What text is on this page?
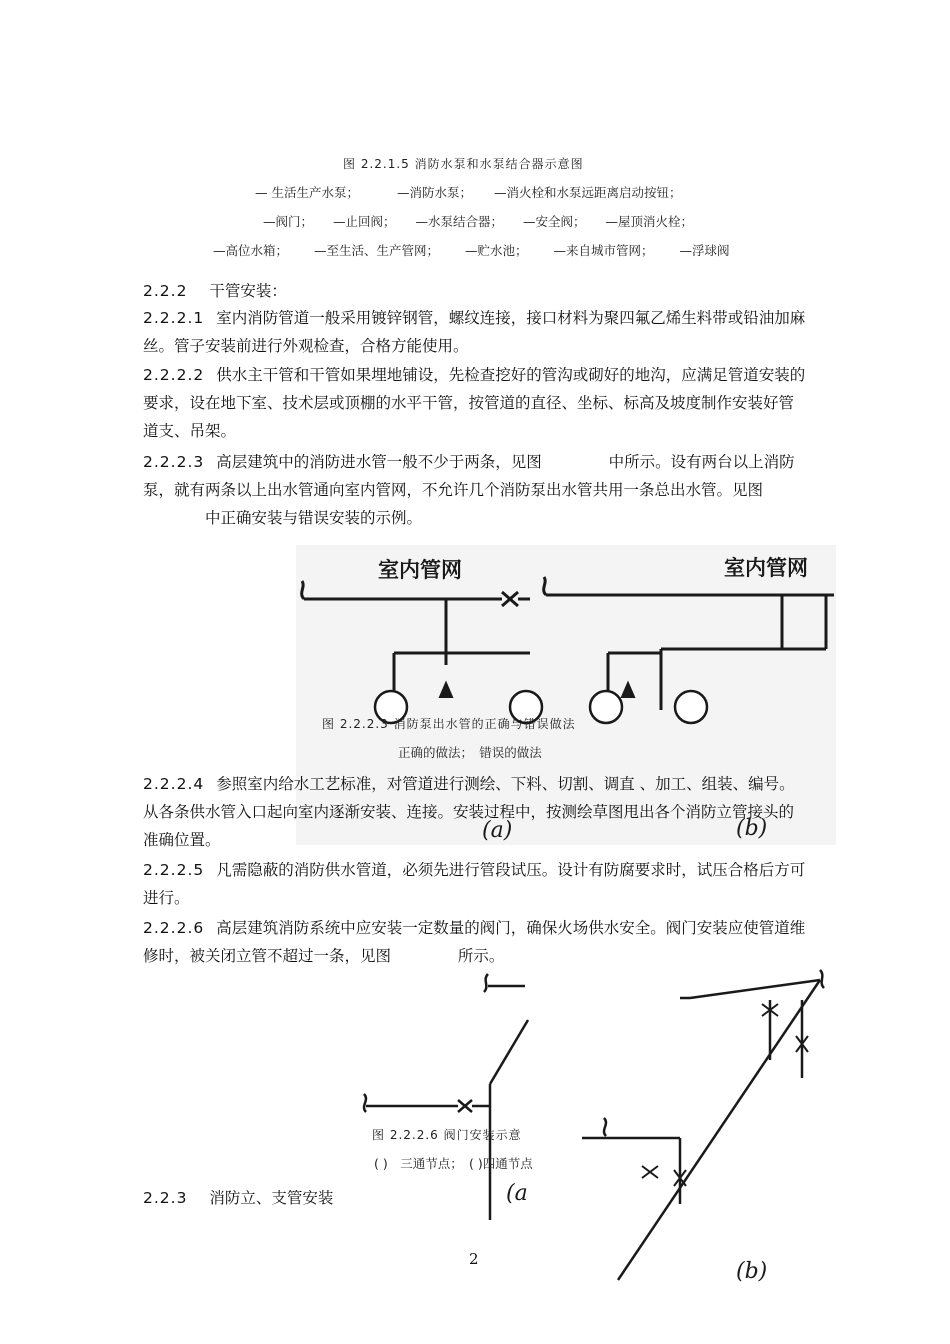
图 2.2.1.5 消防水泵和水泵结合器示意图
— 生活生产水泵；	—消防水泵； —消火栓和水泵远距离启动按钮；
—阀门； —止回阀； —水泵结合器； —安全阀； —屋顶消火栓；
—高位水箱； —至生活、生产管网； —贮水池； —来自城市管网； —浮球阀
2.2.2 干管安装：
2.2.2.1 室内消防管道一般采用镀锌钢管，螺纹连接，接口材料为聚四氟乙烯生料带或铅油加麻丝。管子安装前进行外观检查，合格方能使用。
2.2.2.2 供水主干管和干管如果埋地铺设，先检查挖好的管沟或砌好的地沟，应满足管道安装的要求，设在地下室、技术层或顶棚的水平干管，按管道的直径、坐标、标高及坡度制作安装好管道支、吊架。
2.2.2.3 高层建筑中的消防进水管一般不少于两条，见图 　　　　中所示。设有两台以上消防泵，就有两条以上出水管通向室内管网，不允许几个消防泵出水管共用一条总出水管。见图 　　　　中正确安装与错误安装的示例。
室内管网	室内管网
(a)	(b)
图 2.2.2.3 消防泵出水管的正确与错误做法
正确的做法；　错误的做法
2.2.2.4 参照室内给水工艺标准，对管道进行测绘、下料、切割、调直 、加工、组装、编号。从各条供水管入口起向室内逐渐安装、连接。安装过程中，按测绘草图甩出各个消防立管接头的准确位置。
2.2.2.5 凡需隐蔽的消防供水管道，必须先进行管段试压。设计有防腐要求时，试压合格后方可进行。
2.2.2.6 高层建筑消防系统中应安装一定数量的阀门，确保火场供水安全。阀门安装应使管道维修时，被关闭立管不超过一条，见图 　　　　所示。
(a
(b)
图 2.2.2.6 阀门安装示意
( )　三通节点；　( )四通节点
2.2.3 消防立、支管安装
2
